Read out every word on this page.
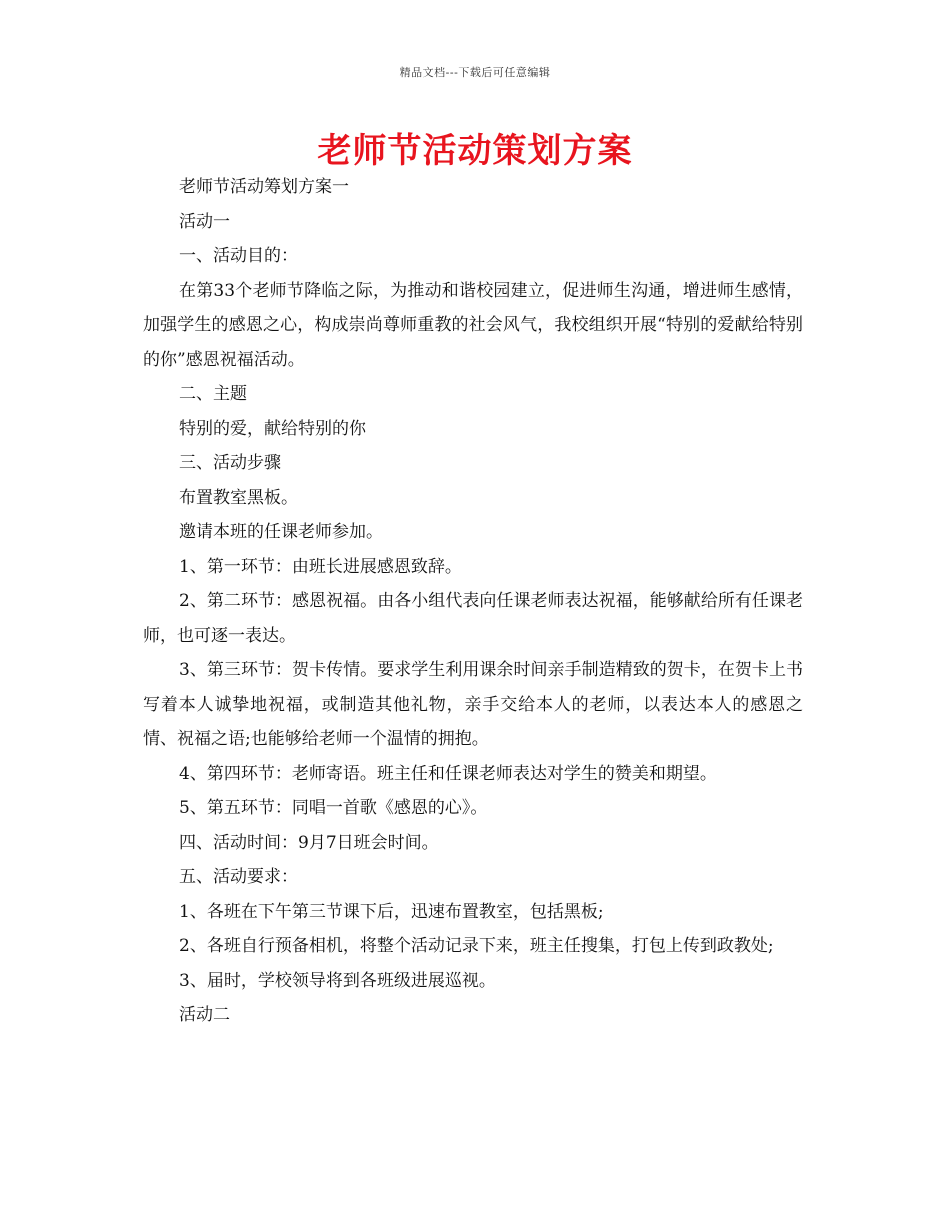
精品文档---下载后可任意编辑
老师节活动策划方案

老师节活动筹划方案一

活动一

一、活动目的：

在第33个老师节降临之际，为推动和谐校园建立，促进师生沟通，增进师生感情，加强学生的感恩之心，构成崇尚尊师重教的社会风气，我校组织开展“特别的爱献给特别的你”感恩祝福活动。

二、主题

特别的爱，献给特别的你

三、活动步骤

布置教室黑板。

邀请本班的任课老师参加。

1、第一环节：由班长进展感恩致辞。

2、第二环节：感恩祝福。由各小组代表向任课老师表达祝福，能够献给所有任课老师，也可逐一表达。

3、第三环节：贺卡传情。要求学生利用课余时间亲手制造精致的贺卡，在贺卡上书写着本人诚挚地祝福，或制造其他礼物，亲手交给本人的老师，以表达本人的感恩之情、祝福之语;也能够给老师一个温情的拥抱。

4、第四环节：老师寄语。班主任和任课老师表达对学生的赞美和期望。

5、第五环节：同唱一首歌《感恩的心》。

四、活动时间：9月7日班会时间。

五、活动要求：

1、各班在下午第三节课下后，迅速布置教室，包括黑板;

2、各班自行预备相机，将整个活动记录下来，班主任搜集，打包上传到政教处;

3、届时，学校领导将到各班级进展巡视。

活动二
